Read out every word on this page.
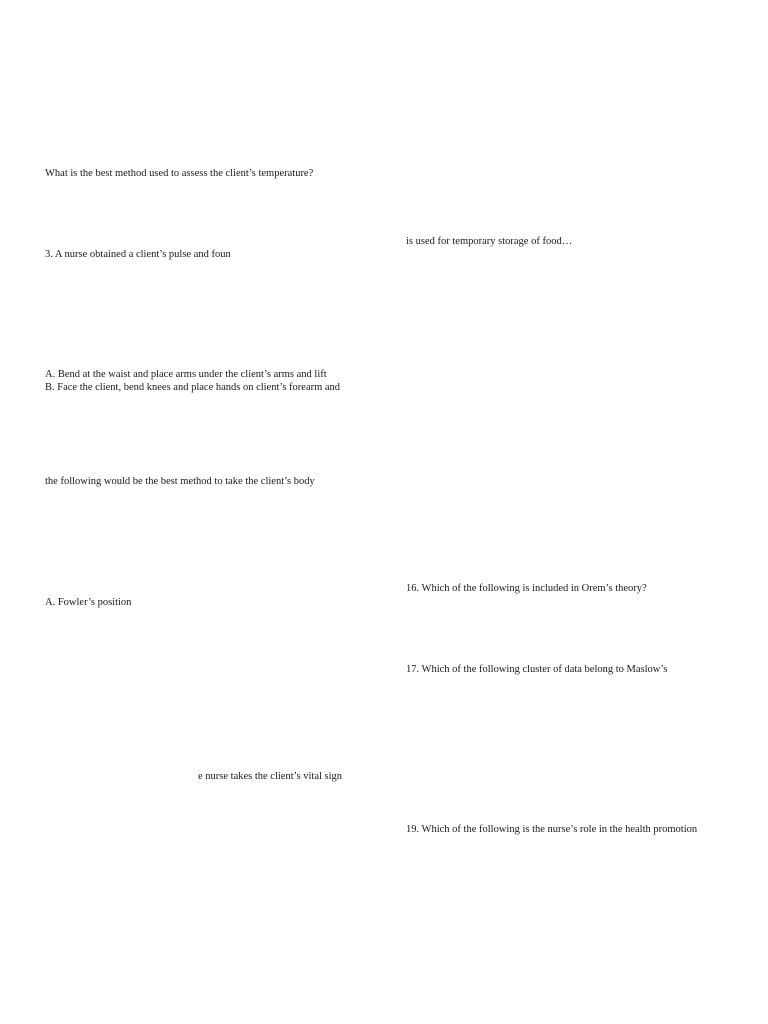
What is the best method used to assess the client’s temperature?
is used for temporary storage of food…
3. A nurse obtained a client’s pulse and foun
A. Bend at the waist and place arms under the client’s arms and lift
B. Face the client, bend knees and place hands on client’s forearm and
the following would be the best method to take the client’s body
16. Which of the following is included in Orem’s theory?
A. Fowler’s position
17. Which of the following cluster of data belong to Maslow’s
e nurse takes the client’s vital sign
19. Which of the following is the nurse’s role in the health promotion
